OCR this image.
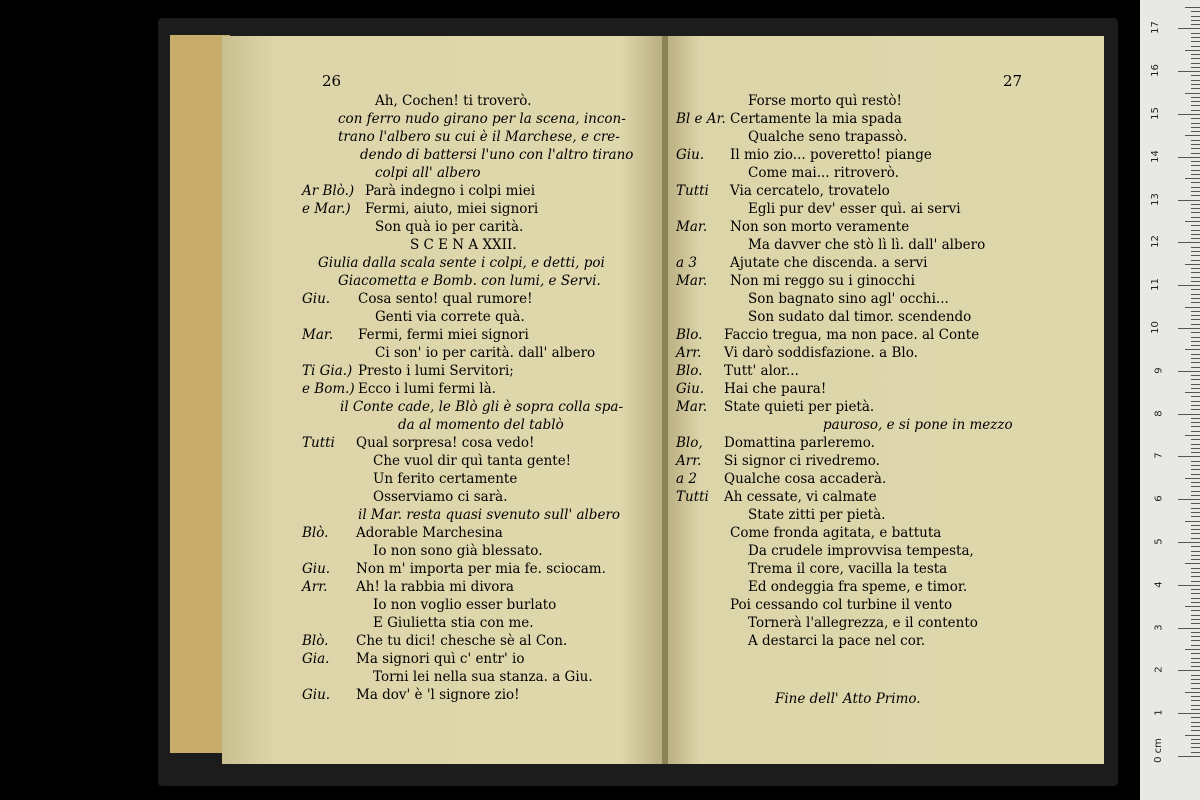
26	27
Ah, Cochen! ti troverò.
con ferro nudo girano per la scena, incon-
trano l'albero su cui è il Marchese, e cre-
dendo di battersi l'uno con l'altro tirano
colpi all' albero
Ar Blò.) Parà indegno i colpi miei
e Mar.) Fermi, aiuto, miei signori
Son quà io per carità.
S C E N A XXII.
Giulia dalla scala sente i colpi, e detti, poi
Giacometta e Bomb. con lumi, e Servi.
Giu. Cosa sento! qual rumore!
Genti via correte quà.
Mar. Fermi, fermi miei signori
Ci son' io per carità. dall' albero
Ti Gia.) Presto i lumi Servitori;
e Bom.) Ecco i lumi fermi là.
il Conte cade, le Blò gli è sopra colla spa-
da al momento del tablò
Tutti Qual sorpresa! cosa vedo!
Che vuol dir quì tanta gente!
Un ferito certamente
Osserviamo ci sarà.
il Mar. resta quasi svenuto sull' albero
Blò. Adorable Marchesina
Io non sono già blessato.
Giu. Non m' importa per mia fe. sciocam.
Arr. Ah! la rabbia mi divora
Io non voglio esser burlato
E Giulietta stia con me.
Blò. Che tu dici! chesche sè al Con.
Gia. Ma signori quì c' entr' io
Torni lei nella sua stanza. a Giu.
Giu. Ma dov' è 'l signore zio!
Forse morto quì restò!
Bl e Ar. Certamente la mia spada
Qualche seno trapassò.
Giu. Il mio zio... poveretto! piange
Come mai... ritroverò.
Tutti Via cercatelo, trovatelo
Egli pur dev' esser quì. ai servi
Mar. Non son morto veramente
Ma davver che stò lì lì. dall' albero
a 3 Ajutate che discenda. a servi
Mar. Non mi reggo su i ginocchi
Son bagnato sino agl' occhi...
Son sudato dal timor. scendendo
Blo. Faccio tregua, ma non pace. al Conte
Arr. Vi darò soddisfazione. a Blo.
Blo. Tutt' alor...
Giu. Hai che paura!
Mar. State quieti per pietà.
pauroso, e si pone in mezzo
Blo, Domattina parleremo.
Arr. Si signor ci rivedremo.
a 2 Qualche cosa accaderà.
Tutti Ah cessate, vi calmate
State zitti per pietà.
Come fronda agitata, e battuta
Da crudele improvvisa tempesta,
Trema il core, vacilla la testa
Ed ondeggia fra speme, e timor.
Poi cessando col turbine il vento
Tornerà l'allegrezza, e il contento
A destarci la pace nel cor.
Fine dell' Atto Primo.
0 cm
1
2
3
4
5
6
7
8
9
10
11
12
13
14
15
16
17
